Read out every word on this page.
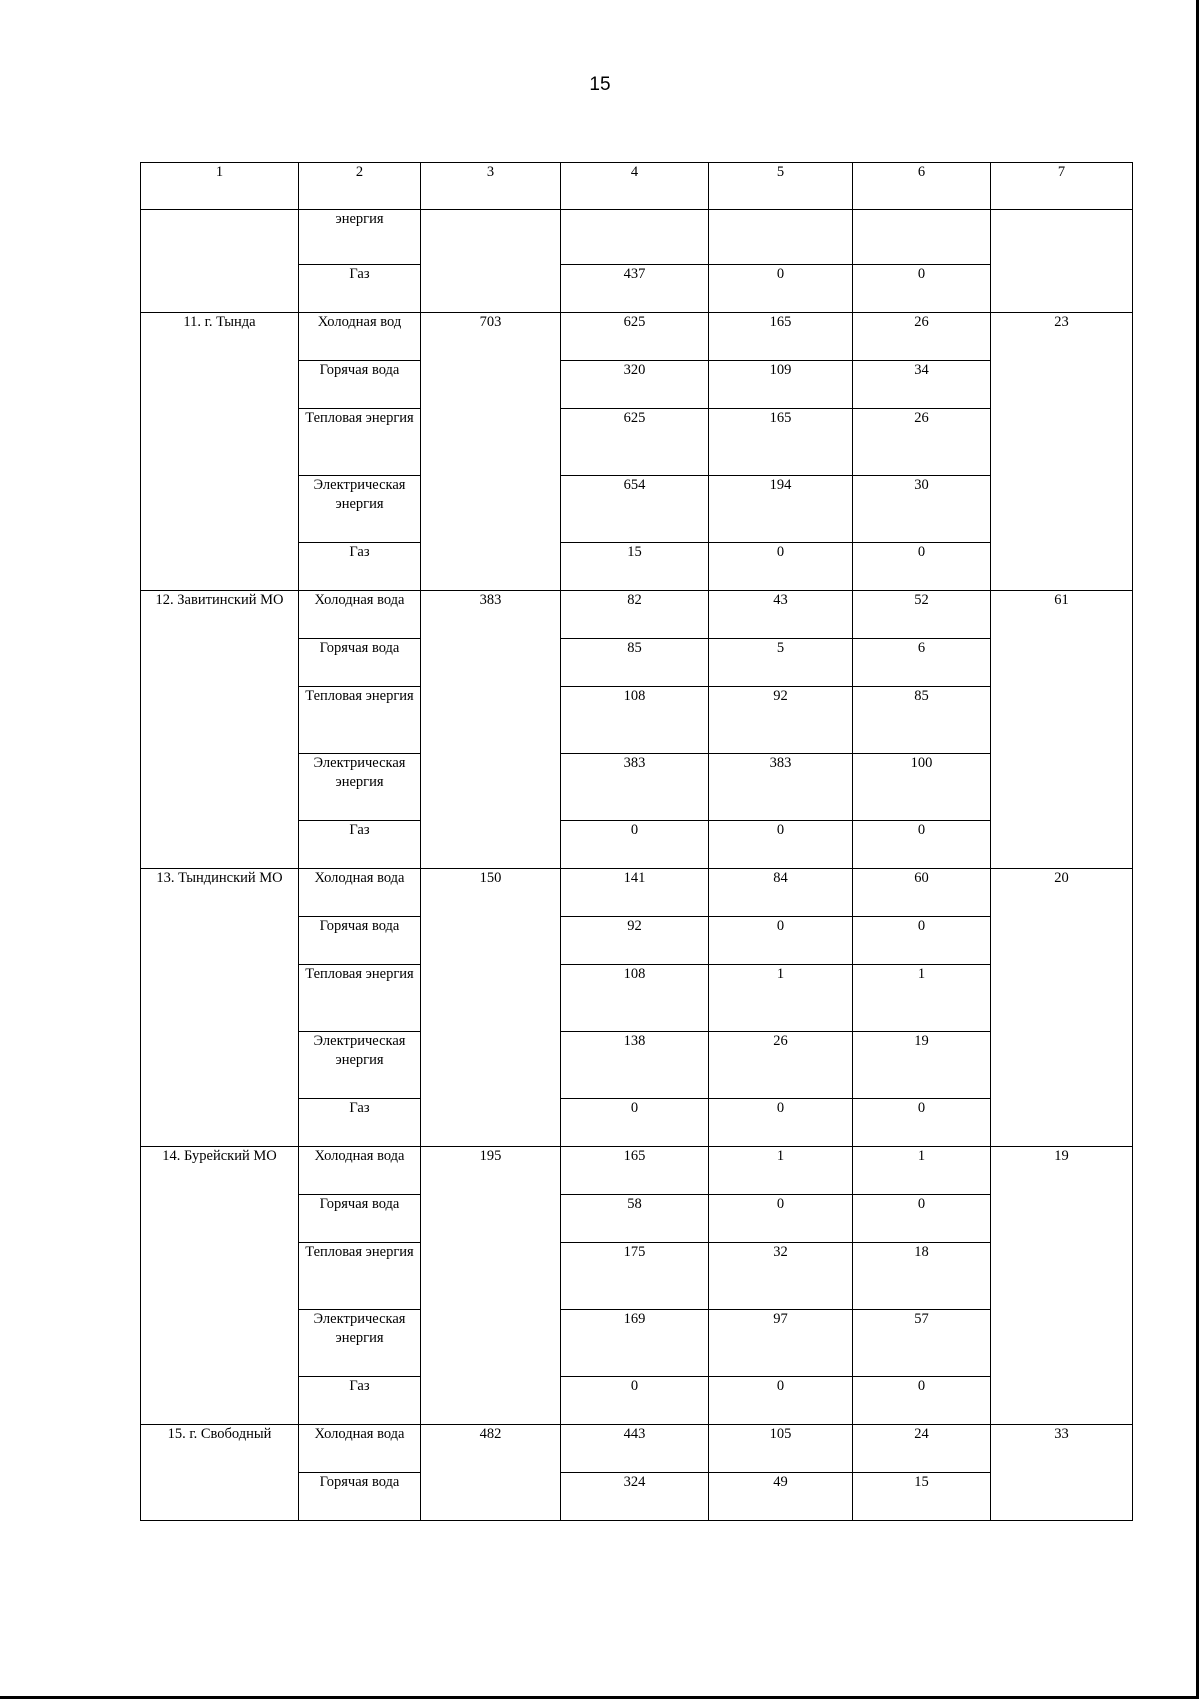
15
1	2	3	4	5	6	7
	энергия					
	Газ		437	0	0	
11. г. Тында	Холодная вод	703	625	165	26	23
	Горячая вода		320	109	34	
	Тепловая энергия		625	165	26	
	Электрическая энергия		654	194	30	
	Газ		15	0	0	
12. Завитинский МО	Холодная вода	383	82	43	52	61
	Горячая вода		85	5	6	
	Тепловая энергия		108	92	85	
	Электрическая энергия		383	383	100	
	Газ		0	0	0	
13. Тындинский МО	Холодная вода	150	141	84	60	20
	Горячая вода		92	0	0	
	Тепловая энергия		108	1	1	
	Электрическая энергия		138	26	19	
	Газ		0	0	0	
14. Бурейский МО	Холодная вода	195	165	1	1	19
	Горячая вода		58	0	0	
	Тепловая энергия		175	32	18	
	Электрическая энергия		169	97	57	
	Газ		0	0	0	
15. г. Свободный	Холодная вода	482	443	105	24	33
	Горячая вода		324	49	15	
